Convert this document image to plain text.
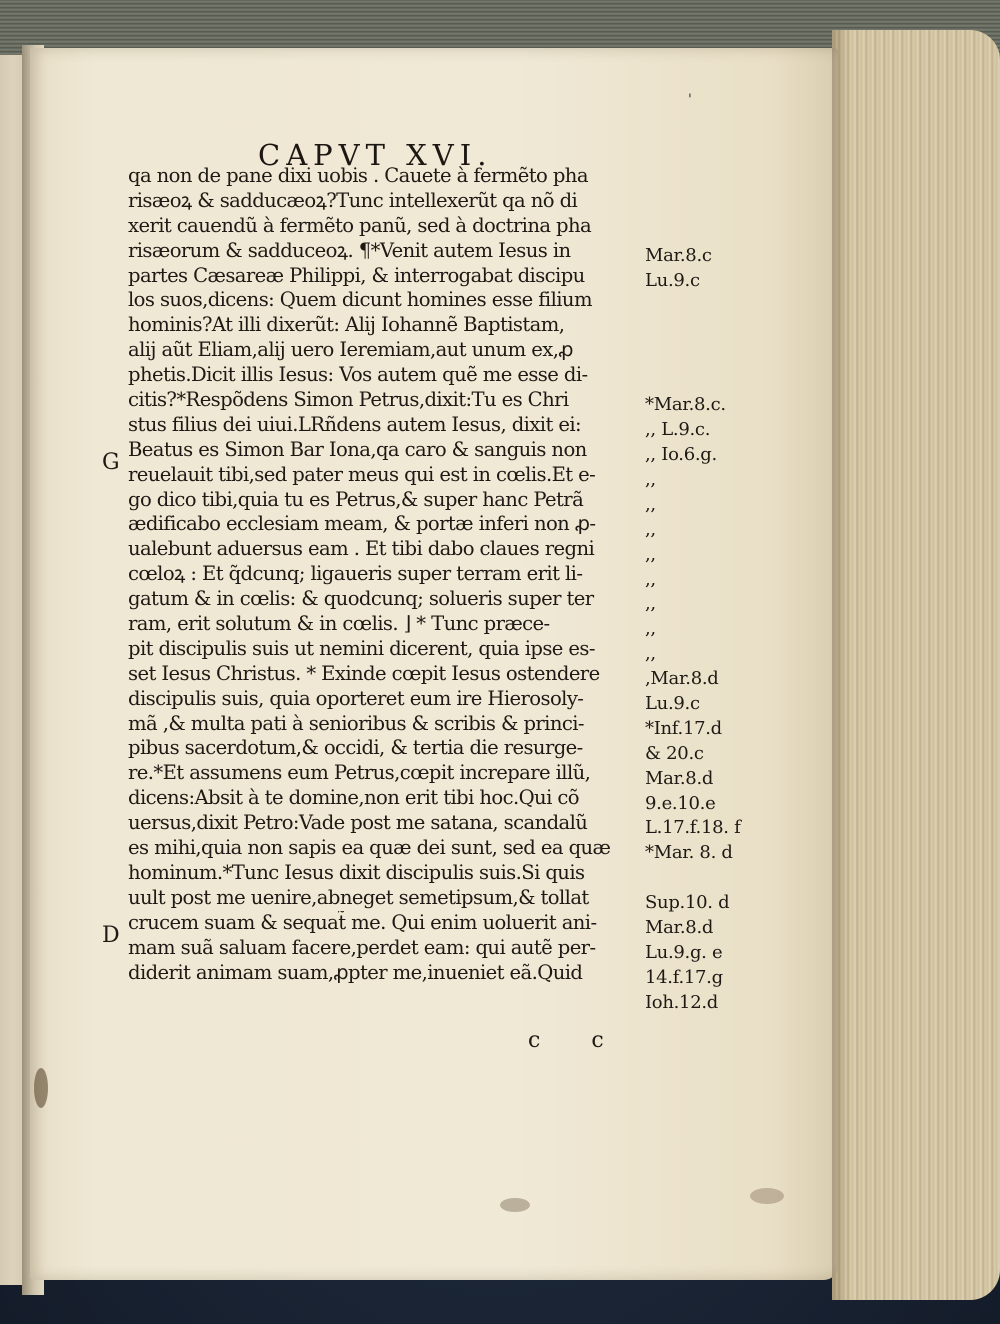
'
CAPVT XVI.
qa non de pane dixi uobis . Cauete à fermẽto pha
risæoꝝ & sadducæoꝝ?Tunc intellexerũt qa nõ di
xerit cauendũ à fermẽto panũ, sed à doctrina pha
risæorum & sadduceoꝝ. ¶*Venit autem Iesus in
partes Cæsareæ Philippi, & interrogabat discipu
los suos,dicens: Quem dicunt homines esse filium
hominis?At illi dixerũt: Alij Iohannẽ Baptistam,
alij aũt Eliam,alij uero Ieremiam,aut unum ex,ꝓ
phetis.Dicit illis Iesus: Vos autem quẽ me esse di-
citis?*Respõdens Simon Petrus,dixit:Tu es Chri
stus filius dei uiui.LRñdens autem Iesus, dixit ei:
Beatus es Simon Bar Iona,qa caro & sanguis non
reuelauit tibi,sed pater meus qui est in cœlis.Et e-
go dico tibi,quia tu es Petrus,& super hanc Petrã
ædificabo ecclesiam meam, & portæ inferi non ꝓ-
ualebunt aduersus eam . Et tibi dabo claues regni
cœloꝝ : Et q̃dcunq; ligaueris super terram erit li-
gatum & in cœlis: & quodcunq; solueris super ter
ram, erit solutum & in cœlis. ⌋ * Tunc præce-
pit discipulis suis ut nemini dicerent, quia ipse es-
set Iesus Christus. * Exinde cœpit Iesus ostendere
discipulis suis, quia oporteret eum ire Hierosoly-
mã ,& multa pati à senioribus & scribis & princi-
pibus sacerdotum,& occidi, & tertia die resurge-
re.*Et assumens eum Petrus,cœpit increpare illũ,
dicens:Absit à te domine,non erit tibi hoc.Qui cõ
uersus,dixit Petro:Vade post me satana, scandalũ
es mihi,quia non sapis ea quæ dei sunt, sed ea quæ
hominum.*Tunc Iesus dixit discipulis suis.Si quis
uult post me uenire,abneget semetipsum,& tollat
crucem suam & sequat̃ me. Qui enim uoluerit ani-
mam suã saluam facere,perdet eam: qui autẽ per-
diderit animam suam,ꝓpter me,inueniet eã.Quid
Mar.8.c
Lu.9.c
*Mar.8.c.
,, L.9.c.
,, Io.6.g.
,,
,,
,,
,,
,,
,,
,,
,,
,Mar.8.d
Lu.9.c
*Inf.17.d
& 20.c
Mar.8.d
9.e.10.e
L.17.f.18. f
*Mar. 8. d
Sup.10. d
Mar.8.d
Lu.9.g. e
14.f.17.g
Ioh.12.d
G
D
c c
